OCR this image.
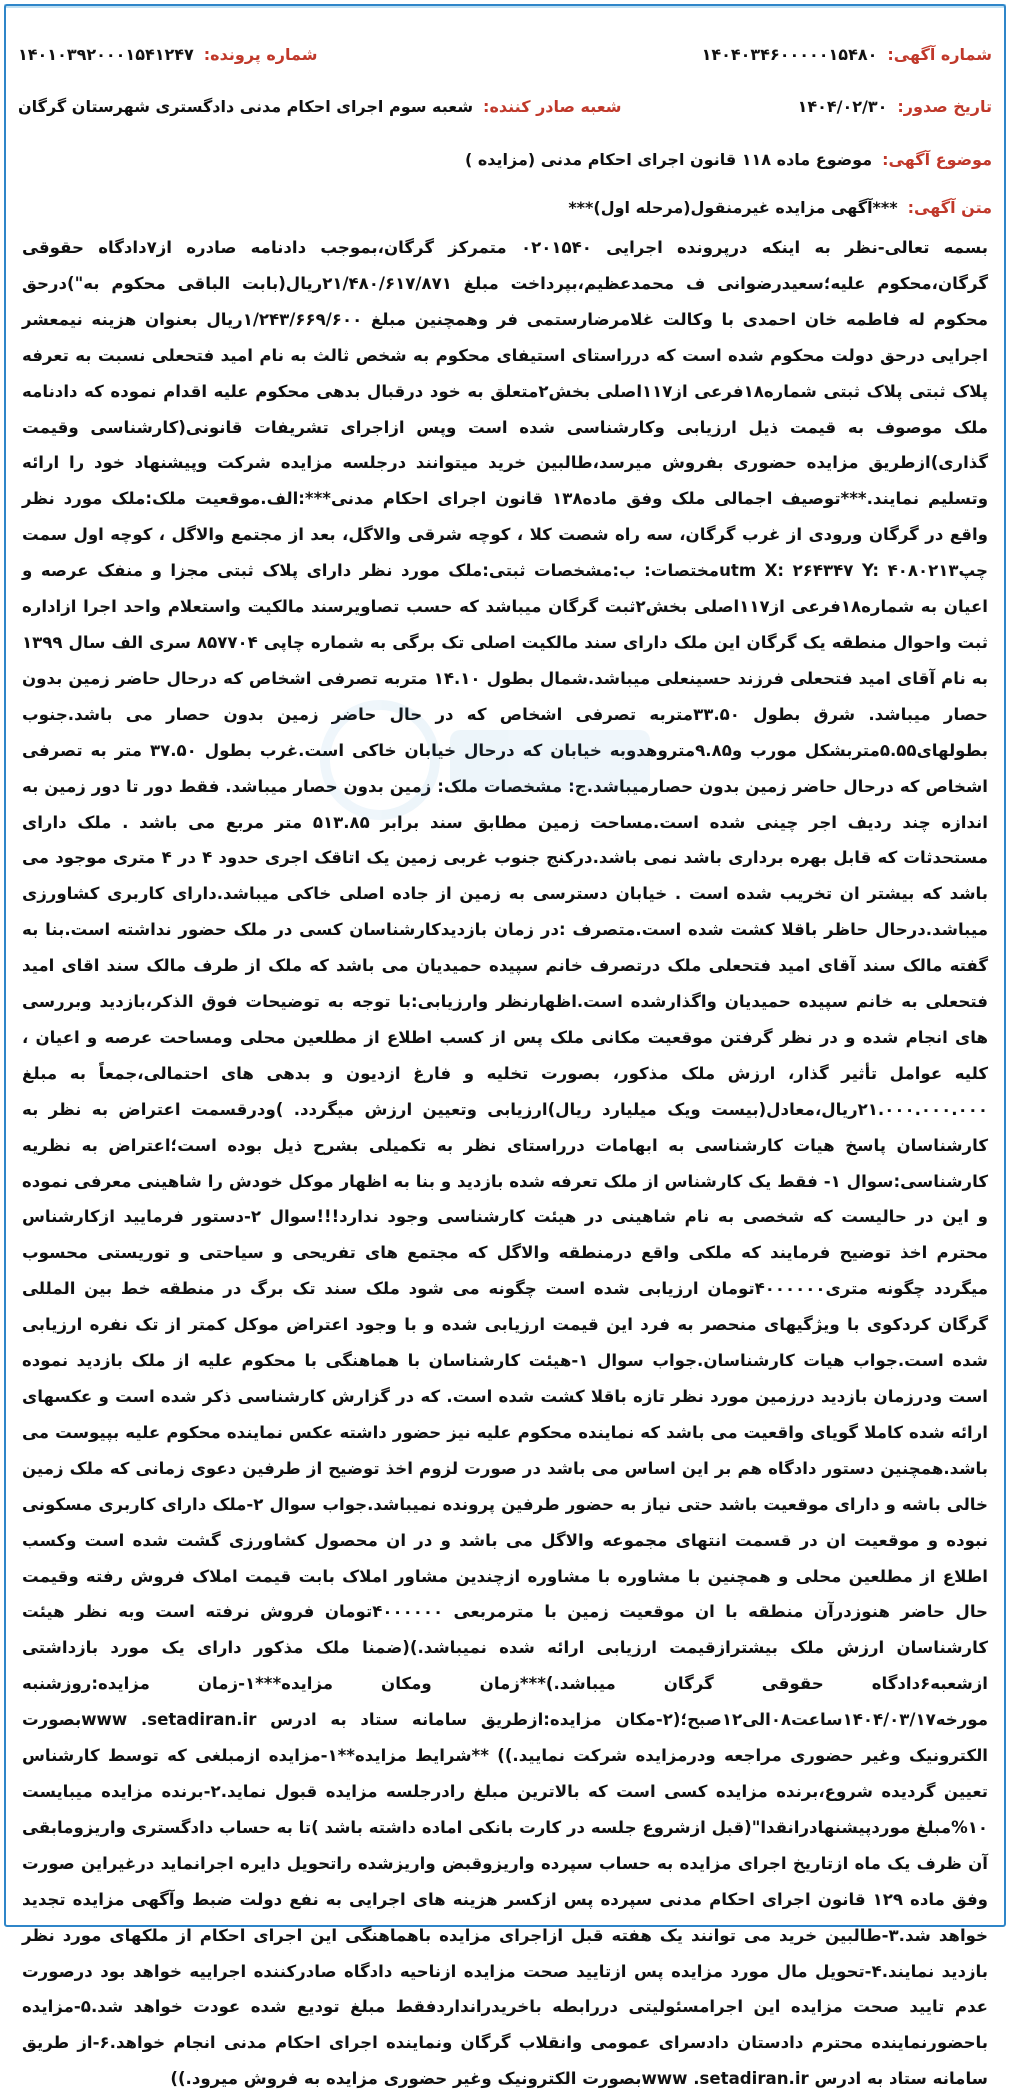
شماره آگهی:
۱۴۰۴۰۳۴۶۰۰۰۰۰۱۵۴۸۰
شماره پرونده:
۱۴۰۱۰۳۹۲۰۰۰۱۵۴۱۲۴۷
تاریخ صدور:
۱۴۰۴/۰۲/۳۰
شعبه صادر کننده:
شعبه سوم اجرای احکام مدنی دادگستری شهرستان گرگان
موضوع آگهی:
موضوع ماده ۱۱۸ قانون اجرای احکام مدنی (مزایده )
متن آگهی:
***آگهی مزایده غیرمنقول(مرحله اول)***
بسمه تعالی-نظر به اینکه درپرونده اجرایی ۰۲۰۱۵۴۰ متمرکز گرگان،بموجب دادنامه صادره از۷دادگاه حقوقی گرگان،محکوم علیه؛سعیدرضوانی ف محمدعظیم،بپرداخت مبلغ ۲۱/۴۸۰/۶۱۷/۸۷۱ریال(بابت الباقی محکوم به")درحق محکوم له فاطمه خان احمدی با وکالت غلامرضارستمی فر وهمچنین مبلغ ۱/۲۴۳/۶۶۹/۶۰۰ریال بعنوان هزینه نیمعشر اجرایی درحق دولت محکوم شده است که درراستای استیفای محکوم به شخص ثالث به نام امید فتحعلی نسبت به تعرفه پلاک ثبتی پلاک ثبتی شماره۱۸فرعی از۱۱۷اصلی بخش۲متعلق به خود درقبال بدهی محکوم علیه اقدام نموده که دادنامه ملک موصوف به قیمت ذیل ارزیابی وکارشناسی شده است وپس ازاجرای تشریفات قانونی(کارشناسی وقیمت گذاری)ازطریق مزایده حضوری بفروش میرسد،طالبین خرید میتوانند درجلسه مزایده شرکت وپیشنهاد خود را ارائه وتسلیم نمایند.***توصیف اجمالی ملک وفق ماده۱۳۸ قانون اجرای احکام مدنی***:الف.موقعیت ملک:ملک مورد نظر واقع در گرگان ورودی از غرب گرگان، سه راه شصت کلا ، کوچه شرقی والاگل، بعد از مجتمع والاگل ، کوچه اول سمت چپutm X: ۲۶۴۳۴۷ Y: ۴۰۸۰۲۱۳مختصات: ب:مشخصات ثبتی:ملک مورد نظر دارای پلاک ثبتی مجزا و منفک عرصه و اعیان به شماره۱۸فرعی از۱۱۷اصلی بخش۲ثبت گرگان میباشد که حسب تصاویرسند مالکیت واستعلام واحد اجرا ازاداره ثبت واحوال منطقه یک گرگان این ملک دارای سند مالکیت اصلی تک برگی به شماره چاپی ۸۵۷۷۰۴ سری الف سال ۱۳۹۹ به نام آقای امید فتحعلی فرزند حسینعلی میباشد.شمال بطول ۱۴.۱۰ متربه تصرفی اشخاص که درحال حاضر زمین بدون حصار میباشد. شرق بطول ۳۳.۵۰متربه تصرفی اشخاص که در حال حاضر زمین بدون حصار می باشد.جنوب بطولهای۵.۵۵متربشکل مورب و۹.۸۵متروهدوبه خیابان که درحال خیابان خاکی است.غرب بطول ۳۷.۵۰ متر به تصرفی اشخاص که درحال حاضر زمین بدون حصارمیباشد.ج: مشخصات ملک: زمین بدون حصار میباشد. فقط دور تا دور زمین به اندازه چند ردیف اجر چینی شده است.مساحت زمین مطابق سند برابر ۵۱۳.۸۵ متر مربع می باشد . ملک دارای مستحدثات که قابل بهره برداری باشد نمی باشد.درکنج جنوب غربی زمین یک اتاقک اجری حدود ۴ در ۴ متری موجود می باشد که بیشتر ان تخریب شده است . خیابان دسترسی به زمین از جاده اصلی خاکی میباشد.دارای کاربری کشاورزی میباشد.درحال حاظر باقلا کشت شده است.متصرف :در زمان بازدیدکارشناسان کسی در ملک حضور نداشته است.بنا به گفته مالک سند آقای امید فتحعلی ملک درتصرف خانم سپیده حمیدیان می باشد که ملک از طرف مالک سند اقای امید فتحعلی به خانم سپیده حمیدیان واگذارشده است.اظهارنظر وارزیابی:با توجه به توضیحات فوق الذکر،بازدید وبررسی های انجام شده و در نظر گرفتن موقعیت مکانی ملک پس از کسب اطلاع از مطلعین محلی ومساحت عرصه و اعیان ، کلیه عوامل تأثیر گذار، ارزش ملک مذکور، بصورت تخلیه و فارغ ازدیون و بدهی های احتمالی،جمعاً به مبلغ ۲۱.۰۰۰.۰۰۰.۰۰۰ریال،معادل(بیست ویک میلیارد ریال)ارزیابی وتعیین ارزش میگردد. )ودرقسمت اعتراض به نظر به کارشناسان پاسخ هیات کارشناسی به ابهامات درراستای نظر به تکمیلی بشرح ذیل بوده است؛اعتراض به نظریه کارشناسی:سوال ۱- فقط یک کارشناس از ملک تعرفه شده بازدید و بنا به اظهار موکل خودش را شاهینی معرفی نموده و این در حالیست که شخصی به نام شاهینی در هیئت کارشناسی وجود ندارد!!!سوال ۲-دستور فرمایید ازکارشناس محترم اخذ توضیح فرمایند که ملکی واقع درمنطقه والاگل که مجتمع های تفریحی و سیاحتی و توریستی محسوب میگردد چگونه متری۴۰۰۰۰۰۰تومان ارزیابی شده است چگونه می شود ملک سند تک برگ در منطقه خط بین المللی گرگان کردکوی با ویژگیهای منحصر به فرد این قیمت ارزیابی شده و با وجود اعتراض موکل کمتر از تک نفره ارزیابی شده است.جواب هیات کارشناسان.جواب سوال ۱-هیئت کارشناسان با هماهنگی با محکوم علیه از ملک بازدید نموده است ودرزمان بازدید درزمین مورد نظر تازه باقلا کشت شده است. که در گزارش کارشناسی ذکر شده است و عکسهای ارائه شده کاملا گویای واقعیت می باشد که نماینده محکوم علیه نیز حضور داشته عکس نماینده محکوم علیه بپیوست می باشد.همچنین دستور دادگاه هم بر این اساس می باشد در صورت لزوم اخذ توضیح از طرفین دعوی زمانی که ملک زمین خالی باشه و دارای موقعیت باشد حتی نیاز به حضور طرفین پرونده نمیباشد.جواب سوال ۲-ملک دارای کاربری مسکونی نبوده و موقعیت ان در قسمت انتهای مجموعه والاگل می باشد و در ان محصول کشاورزی گشت شده است وکسب اطلاع از مطلعین محلی و همچنین با مشاوره با مشاوره ازچندین مشاور املاک بابت قیمت املاک فروش رفته وقیمت حال حاضر هنوزدرآن منطقه با ان موقعیت زمین با مترمربعی ۴۰۰۰۰۰۰تومان فروش نرفته است وبه نظر هیئت کارشناسان ارزش ملک بیشترازقیمت ارزیابی ارائه شده نمیباشد.)(ضمنا ملک مذکور دارای یک مورد بازداشتی ازشعبه۶دادگاه حقوقی گرگان میباشد.)***زمان ومکان مزایده***۱-زمان مزایده:روزشنبه مورخه۱۴۰۴/۰۳/۱۷ساعت۰۸الی۱۲صبح؛(۲-مکان مزایده:ازطریق سامانه ستاد به ادرس www .setadiran.irبصورت الکترونیک وغیر حضوری مراجعه ودرمزایده شرکت نمایید.)) **شرایط مزایده**۱-مزایده ازمبلغی که توسط کارشناس تعیین گردیده شروع،برنده مزایده کسی است که بالاترین مبلغ رادرجلسه مزایده قبول نماید.۲-برنده مزایده میبایست ۱۰%مبلغ موردپیشنهادرانقدا"(قبل ازشروع جلسه در کارت بانکی اماده داشته باشد )تا به حساب دادگستری واریزومابقی آن ظرف یک ماه ازتاریخ اجرای مزایده به حساب سپرده واریزوقبض واریزشده راتحویل دایره اجرانماید درغیراین صورت وفق ماده ۱۲۹ قانون اجرای احکام مدنی سپرده پس ازکسر هزینه های اجرایی به نفع دولت ضبط وآگهی مزایده تجدید خواهد شد.۳-طالبین خرید می توانند یک هفته قبل ازاجرای مزایده باهماهنگی این اجرای احکام از ملکهای مورد نظر بازدید نمایند.۴-تحویل مال مورد مزایده پس ازتایید صحت مزایده ازناحیه دادگاه صادرکننده اجراییه خواهد بود درصورت عدم تایید صحت مزایده این اجرامسئولیتی دررابطه باخریدرانداردفقط مبلغ تودیع شده عودت خواهد شد.۵-مزایده باحضورنماینده محترم دادستان دادسرای عمومی وانقلاب گرگان ونماینده اجرای احکام مدنی انجام خواهد.۶-از طریق سامانه ستاد به ادرس www .setadiran.irبصورت الکترونیک وغیر حضوری مزایده به فروش میرود.))
